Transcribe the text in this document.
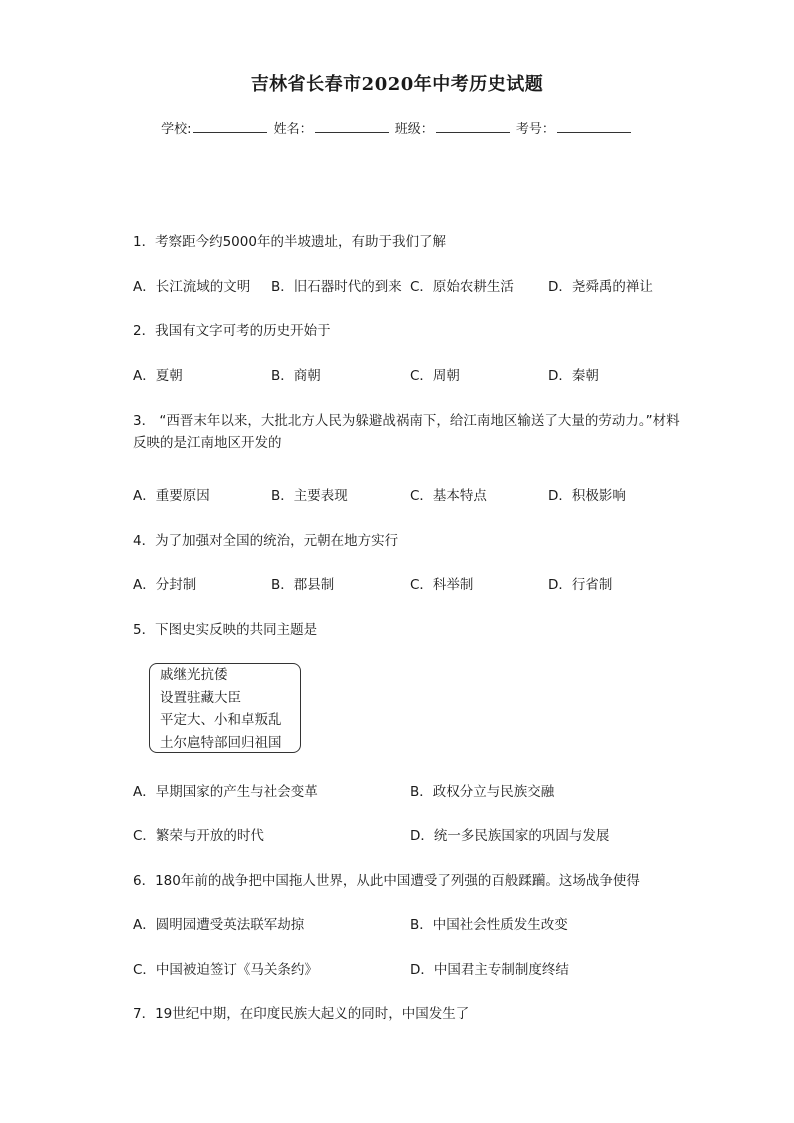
吉林省长春市2020年中考历史试题
学校:	姓名：	班级：	考号：
1．考察距今约5000年的半坡遗址，有助于我们了解
A．长江流域的文明 B．旧石器时代的到来 C．原始农耕生活	D．尧舜禹的禅让
2．我国有文字可考的历史开始于
A．夏朝	B．商朝	C．周朝	D．秦朝
3． “西晋末年以来，大批北方人民为躲避战祸南下，给江南地区输送了大量的劳动力。”材料反映的是江南地区开发的
A．重要原因	B．主要表现	C．基本特点	D．积极影响
4．为了加强对全国的统治，元朝在地方实行
A．分封制	B．郡县制	C．科举制	D．行省制
5．下图史实反映的共同主题是
戚继光抗倭
设置驻藏大臣
平定大、小和卓叛乱
土尔扈特部回归祖国
A．早期国家的产生与社会变革	B．政权分立与民族交融
C．繁荣与开放的时代	D．统一多民族国家的巩固与发展
6．180年前的战争把中国拖人世界，从此中国遭受了列强的百般蹂躏。这场战争使得
A．圆明园遭受英法联军劫掠	B．中国社会性质发生改变
C．中国被迫签订《马关条约》	D．中国君主专制制度终结
7．19世纪中期，在印度民族大起义的同时，中国发生了
